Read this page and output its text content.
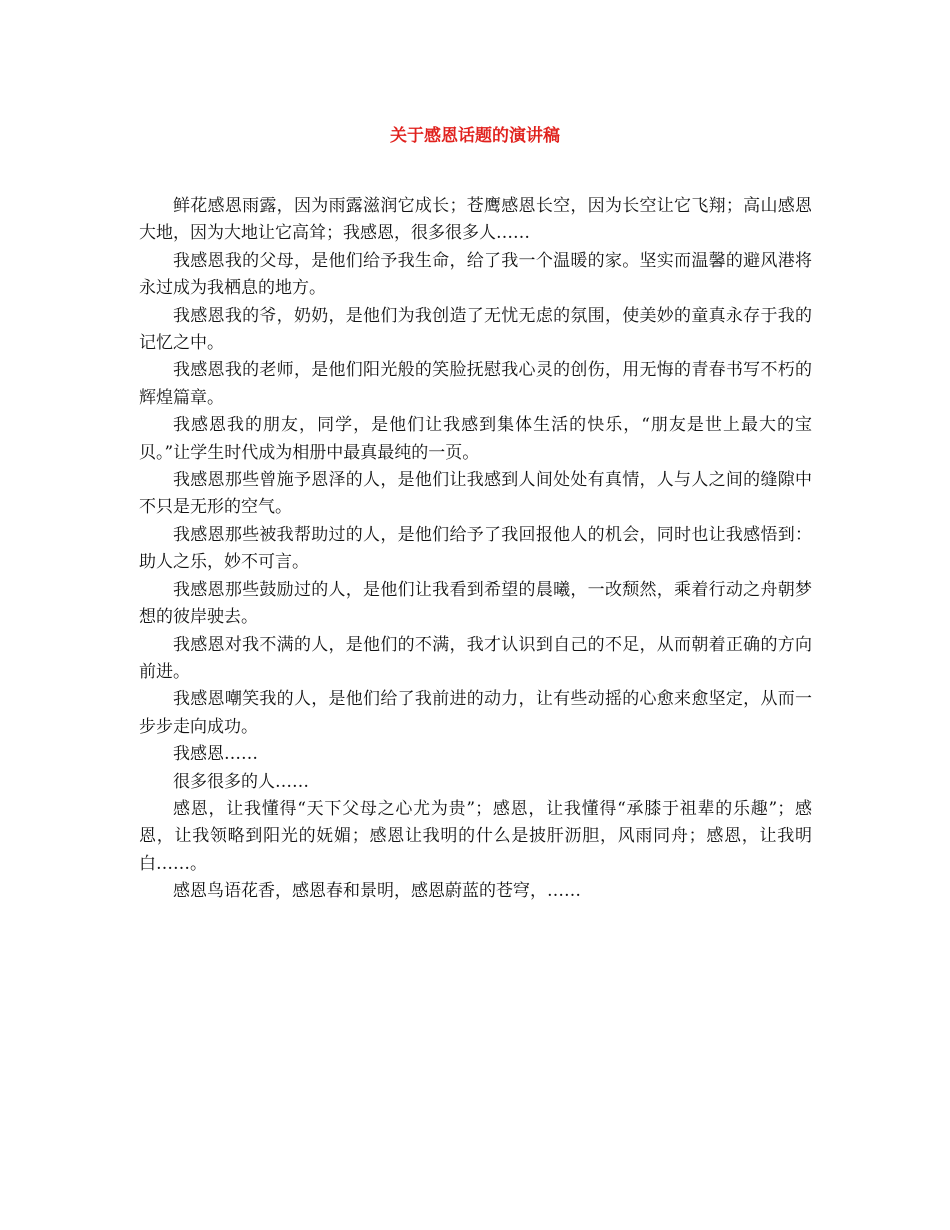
关于感恩话题的演讲稿

鲜花感恩雨露，因为雨露滋润它成长；苍鹰感恩长空，因为长空让它飞翔；高山感恩大地，因为大地让它高耸；我感恩，很多很多人……

我感恩我的父母，是他们给予我生命，给了我一个温暖的家。坚实而温馨的避风港将永过成为我栖息的地方。

我感恩我的爷，奶奶，是他们为我创造了无忧无虑的氛围，使美妙的童真永存于我的记忆之中。

我感恩我的老师，是他们阳光般的笑脸抚慰我心灵的创伤，用无悔的青春书写不朽的辉煌篇章。

我感恩我的朋友，同学，是他们让我感到集体生活的快乐，“朋友是世上最大的宝贝。”让学生时代成为相册中最真最纯的一页。

我感恩那些曾施予恩泽的人，是他们让我感到人间处处有真情，人与人之间的缝隙中不只是无形的空气。

我感恩那些被我帮助过的人，是他们给予了我回报他人的机会，同时也让我感悟到：助人之乐，妙不可言。

我感恩那些鼓励过的人，是他们让我看到希望的晨曦，一改颓然，乘着行动之舟朝梦想的彼岸驶去。

我感恩对我不满的人，是他们的不满，我才认识到自己的不足，从而朝着正确的方向前进。

我感恩嘲笑我的人，是他们给了我前进的动力，让有些动摇的心愈来愈坚定，从而一步步走向成功。

我感恩……

很多很多的人……

感恩，让我懂得“天下父母之心尤为贵”；感恩，让我懂得“承膝于祖辈的乐趣”；感恩，让我领略到阳光的妩媚；感恩让我明的什么是披肝沥胆，风雨同舟；感恩，让我明白……。

感恩鸟语花香，感恩春和景明，感恩蔚蓝的苍穹，……
